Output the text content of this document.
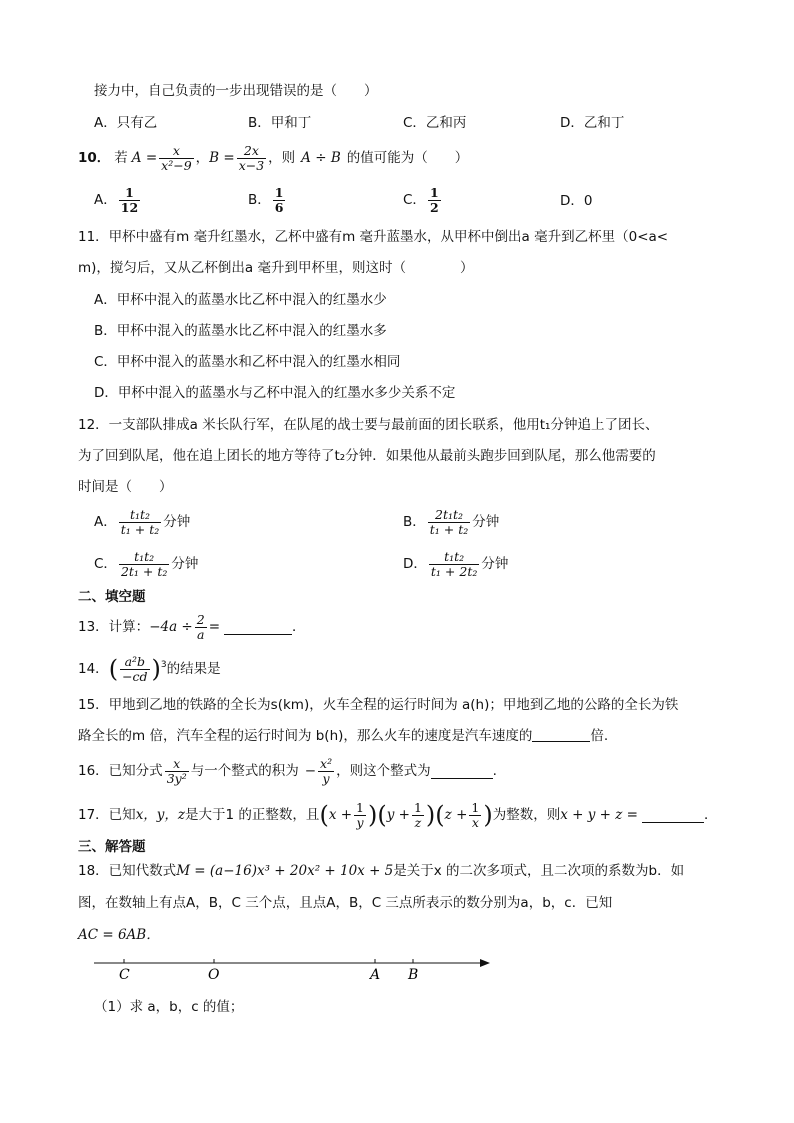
接力中，自己负责的一步出现错误的是（　　）
A．只有乙	B．甲和丁	C．乙和丙	D．乙和丁
10． 若 $A = \frac{x}{\text{x²−9}}$ ， $B = \frac{2x}{x-3}$ ，则 A ÷ B 的值可能为（　　）
A． $\frac{1}{12}$	B． $\frac{1}{6}$	C． $\frac{1}{2}$	D．0
11．甲杯中盛有m 毫升红墨水，乙杯中盛有m 毫升蓝墨水，从甲杯中倒出a 毫升到乙杯里（0<a<
m)，搅匀后，又从乙杯倒出a 毫升到甲杯里，则这时（　　　　）
A．甲杯中混入的蓝墨水比乙杯中混入的红墨水少
B．甲杯中混入的蓝墨水比乙杯中混入的红墨水多
C．甲杯中混入的蓝墨水和乙杯中混入的红墨水相同
D．甲杯中混入的蓝墨水与乙杯中混入的红墨水多少关系不定
12．一支部队排成a 米长队行军，在队尾的战士要与最前面的团长联系，他用t₁分钟追上了团长、
为了回到队尾，他在追上团长的地方等待了t₂分钟．如果他从最前头跑步回到队尾，那么他需要的
时间是（　　）
A． $\frac{\text{t₁t₂}}{\text{t₁ + t₂}}$ 分钟	B． $\frac{\text{2t₁t₂}}{\text{t₁ + t₂}}$ 分钟
C． $\frac{\text{t₁t₂}}{\text{2t₁ + t₂}}$ 分钟	D． $\frac{\text{t₁t₂}}{\text{t₁ + 2t₂}}$ 分钟
二、填空题
13．计算： $-4a \div \frac{2}{a}$ =	．
14． ( $\frac{\text{a²b}}{-cd} )^3$ 的结果是
15．甲地到乙地的铁路的全长为s(km)，火车全程的运行时间为 a(h)；甲地到乙地的公路的全长为铁
路全长的m 倍，汽车全程的运行时间为 b(h)，那么火车的速度是汽车速度的	倍.
16．已知分式 $\frac{x}{\text{3y²}}$ 与一个整式的积为 − $\frac{\text{x²}}{y}$ ，则这个整式为	.
17．已知 x，y，z 是大于1 的正整数，且 ( $x + \frac{1}{y}$ ) ( $y + \frac{1}{z}$ ) ( $z + \frac{1}{x}$ ) 为整数，则 x + y + z =	．
三、解答题
18．已知代数式M = (a−16)x³ + 20x² + 10x + 5是关于x 的二次多项式，且二次项的系数为b．如
图，在数轴上有点A，B，C 三个点，且点A，B，C 三点所表示的数分别为a，b，c．已知
AC = 6AB．
C	O	A B
（1）求 a，b，c 的值；
